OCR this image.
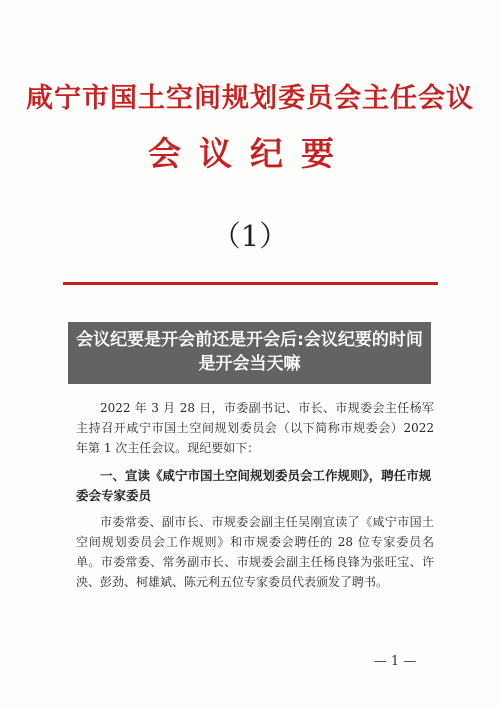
咸宁市国土空间规划委员会主任会议
会议纪要
（1）
会议纪要是开会前还是开会后:会议纪要的时间是开会当天嘛
2022 年 3 月 28 日，市委副书记、市长、市规委会主任杨军主持召开咸宁市国土空间规划委员会（以下简称市规委会）2022 年第 1 次主任会议。现纪要如下：
一、宣读《咸宁市国土空间规划委员会工作规则》，聘任市规委会专家委员
市委常委、副市长、市规委会副主任吴刚宣读了《咸宁市国土空间规划委员会工作规则》和市规委会聘任的 28 位专家委员名单。市委常委、常务副市长、市规委会副主任杨良锋为张旺宝、许泱、彭劲、柯雄斌、陈元利五位专家委员代表颁发了聘书。
— 1 —
